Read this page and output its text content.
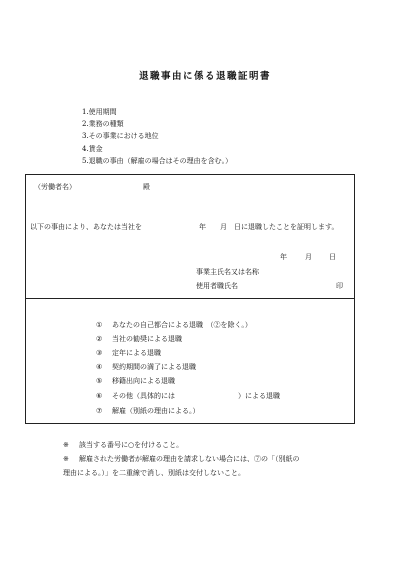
退職事由に係る退職証明書
1.使用期間
2.業務の種類
3.その事業における地位
4.賃金
5.退職の事由（解雇の場合はその理由を含む。）
（労働者名）	殿
以下の事由により、あなたは当社を	年 月 日に退職したことを証明します。
年	月 日
事業主氏名又は名称
使用者職氏名	印
① あなたの自己都合による退職　（②を除く。）
② 当社の勧奨による退職
③ 定年による退職
④ 契約期間の満了による退職
⑤ 移籍出向による退職
⑥ その他（具体的には　　　　　　　　　）による退職
⑦ 解雇（別紙の理由による。）
※ 該当する番号に○を付けること。
※ 解雇された労働者が解雇の理由を請求しない場合には、⑦の「（別紙の
理由による。）」を二重線で消し、別紙は交付しないこと。
